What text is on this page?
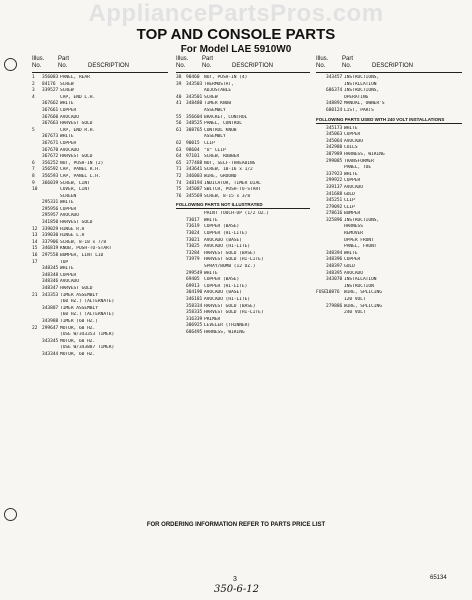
AppliancePartsPros.com
TOP AND CONSOLE PARTS
For Model LAE 5910W0
Illus. Part
No.	No.	DESCRIPTION
1	356083 PANEL, REAR
2	84176 SCREW
3	339527 SCREW
4	CAP, END L.H.
367662 WHITE
367661 COPPER
367660 AVOCADO
367663 HARVEST GOLD
5	CAP, END R.H.
367673 WHITE
367671 COPPER
367670 AVOCADO
367672 HARVEST GOLD
6	356252 NUT, PUSH-IN (2)
7	356592 CAP, PANEL R.H.
8	356593 CAP, PANEL L.H.
9	366039 SCREW, LINT
10	COVER, LINT
SCREEN
295331 WHITE
295956 COPPER
295957 AVOCADO
341850 HARVEST GOLD
12	339029 HINGE R.H
13	339030 HINGE L.H
14	337906 SCREW, 8-18 x 7/8
15	346819 KNOB, PUSH-TO-START
16	297558 BUMPER, LINT LID
17	TOP
348345 WHITE
348348 COPPER
348346 AVOCADO
348347 HARVEST GOLD
21	343353 TIMER ASSEMBLY
(60 HZ.) (ALTERNATE)
343887 TIMER ASSEMBLY
(60 HZ.) (ALTERNATE)
343988 TIMER (60 HZ.)
22	299647 MOTOR, 60 HZ.
(USE W/343353 TIMER)
343345 MOTOR, 60 HZ.
(USE W/343887 TIMER)
343344 MOTOR, 60 HZ.
Illus. Part
No.	No.	DESCRIPTION
38	90460 NUT, PUSH-IN (4)
39	343503 THERMOSTAT,
ADJUSTABLE
40	343501 SCREW
41	348480 TIMER KNOB
ASSEMBLY
55	356604 BRACKET, CONTROL
56	348525 PANEL, CONTROL
61	308765 CONTROL KNOB
ASSEMBLY
62	90015 CLIP
63	98604 "U" CLIP
64	97101 SCREW, RUBBER
65	377488 NUT, SELF-THREADING
71	343641 SCREW, 10-16 x 1/2
72	346003 WIRE, GROUND
74	348194 INDICATOR, TIMER DIAL
75	345087 SWITCH, PUSH-TO-START
76	345569 SCREW, 8-15 x 3/8
FOLLOWING PARTS NOT ILLUSTRATED
PAINT TOUCH-UP (1/2 OZ.)
73017 WHITE
73619 COPPER (BASE)
73024 COPPER (HI-LITE)
73021 AVOCADO (BASE)
73025 AVOCADO (HI-LITE)
73284 HARVEST GOLD (BASE)
73979 HARVEST GOLD (HI-LITE)
SPRAY/BOMB (12 OZ.)
299549 WHITE
69405 COPPER (BASE)
69913 COPPER (HI-LITE)
304190 AVOCADO (BASE)
346181 AVOCADO (HI-LITE)
358334 HARVEST GOLD (BASE)
358335 HARVEST GOLD (HI-LITE)
316339 PRIMER
306925 LEVELER (THINNER)
686495 HARNESS, WIRING
Illus. Part
No.	No.	DESCRIPTION
343457 INSTRUCTIONS,
INSTALLATION
686374 INSTRUCTIONS,
OPERATING
348892 MANUAL, OWNER'S
680124 LIST, PARTS
FOLLOWING PARTS USED WITH 240 VOLT INSTALLATIONS
345173 WHITE
345063 COPPER
345064 AVOCADO
342980 COILS
387989 HARNESS, WIRING
299085 TRANSFORMER
PANEL, TOE
337923 WHITE
299922 COPPER
339137 AVOCADO
341688 GOLD
345251 CLIP
279092 CLIP
278616 BUMPER
325896 INSTRUCTIONS,
HARNESS
REMOVER
UPPER FRONT
PANEL, FRONT
348394 WHITE
348396 COPPER
348397 GOLD
348395 AVOCADO
343070 INSTALLATION
INSTRUCTION
FUSE 10876 WIRE, SPLICING
120 VOLT
279886 WIRE, SPLICING
240 VOLT
FOR ORDERING INFORMATION REFER TO PARTS PRICE LIST
3	65134
350-6-12
